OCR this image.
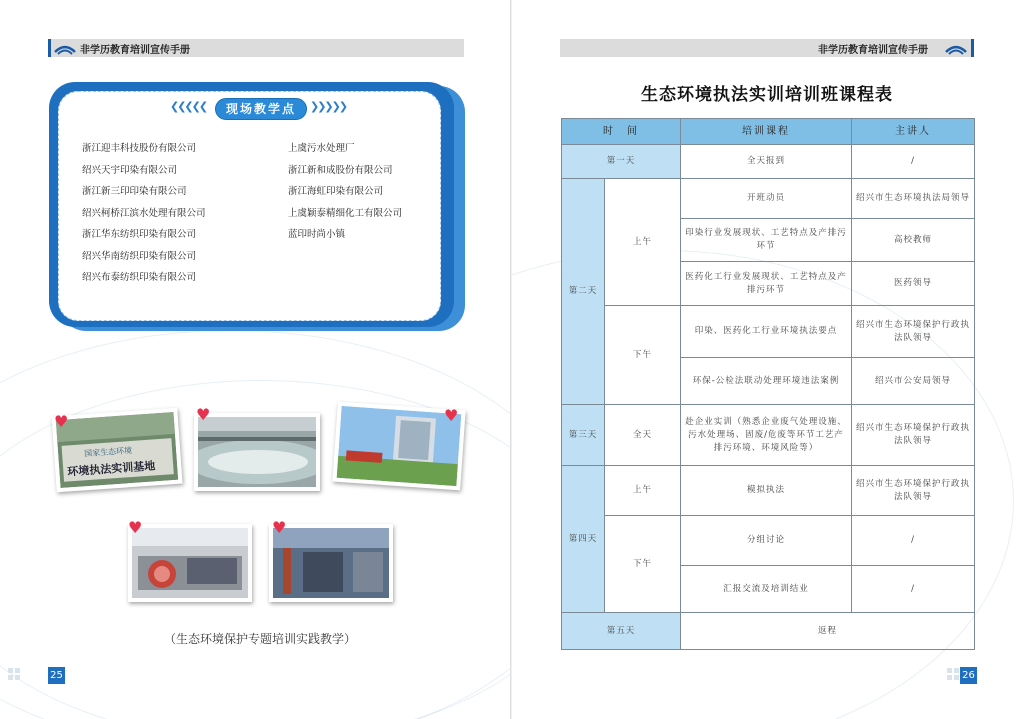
非学历教育培训宣传手册
❮❮❮❮❮	现场教学点	❯❯❯❯❯
浙江迎丰科技股份有限公司
绍兴天宇印染有限公司
浙江新三印印染有限公司
绍兴柯桥江滨水处理有限公司
浙江华东纺织印染有限公司
绍兴华南纺织印染有限公司
绍兴布泰纺织印染有限公司
上虞污水处理厂
浙江新和成股份有限公司
浙江海虹印染有限公司
上虞颖泰精细化工有限公司
蓝印时尚小镇
国家生态环境
环境执法实训基地
♥	♥	♥
♥	♥
（生态环境保护专题培训实践教学）
25
非学历教育培训宣传手册
26
生态环境执法实训培训班课程表
时　间		培训课程	主讲人
第一天		全天报到	/
第二天	上午	开班动员	绍兴市生态环境执法局领导
		印染行业发展现状、工艺特点及产排污环节	高校教师
		医药化工行业发展现状、工艺特点及产排污环节	医药领导
	下午	印染、医药化工行业环境执法要点	绍兴市生态环境保护行政执法队领导
		环保-公检法联动处理环境违法案例	绍兴市公安局领导
第三天	全天	赴企业实训（熟悉企业废气处理设施、污水处理场、固废/危废等环节工艺产排污环境、环境风险等）	绍兴市生态环境保护行政执法队领导
第四天	上午	模拟执法	绍兴市生态环境保护行政执法队领导
	下午	分组讨论	/
		汇报交流及培训结业	/
第五天		返程	
